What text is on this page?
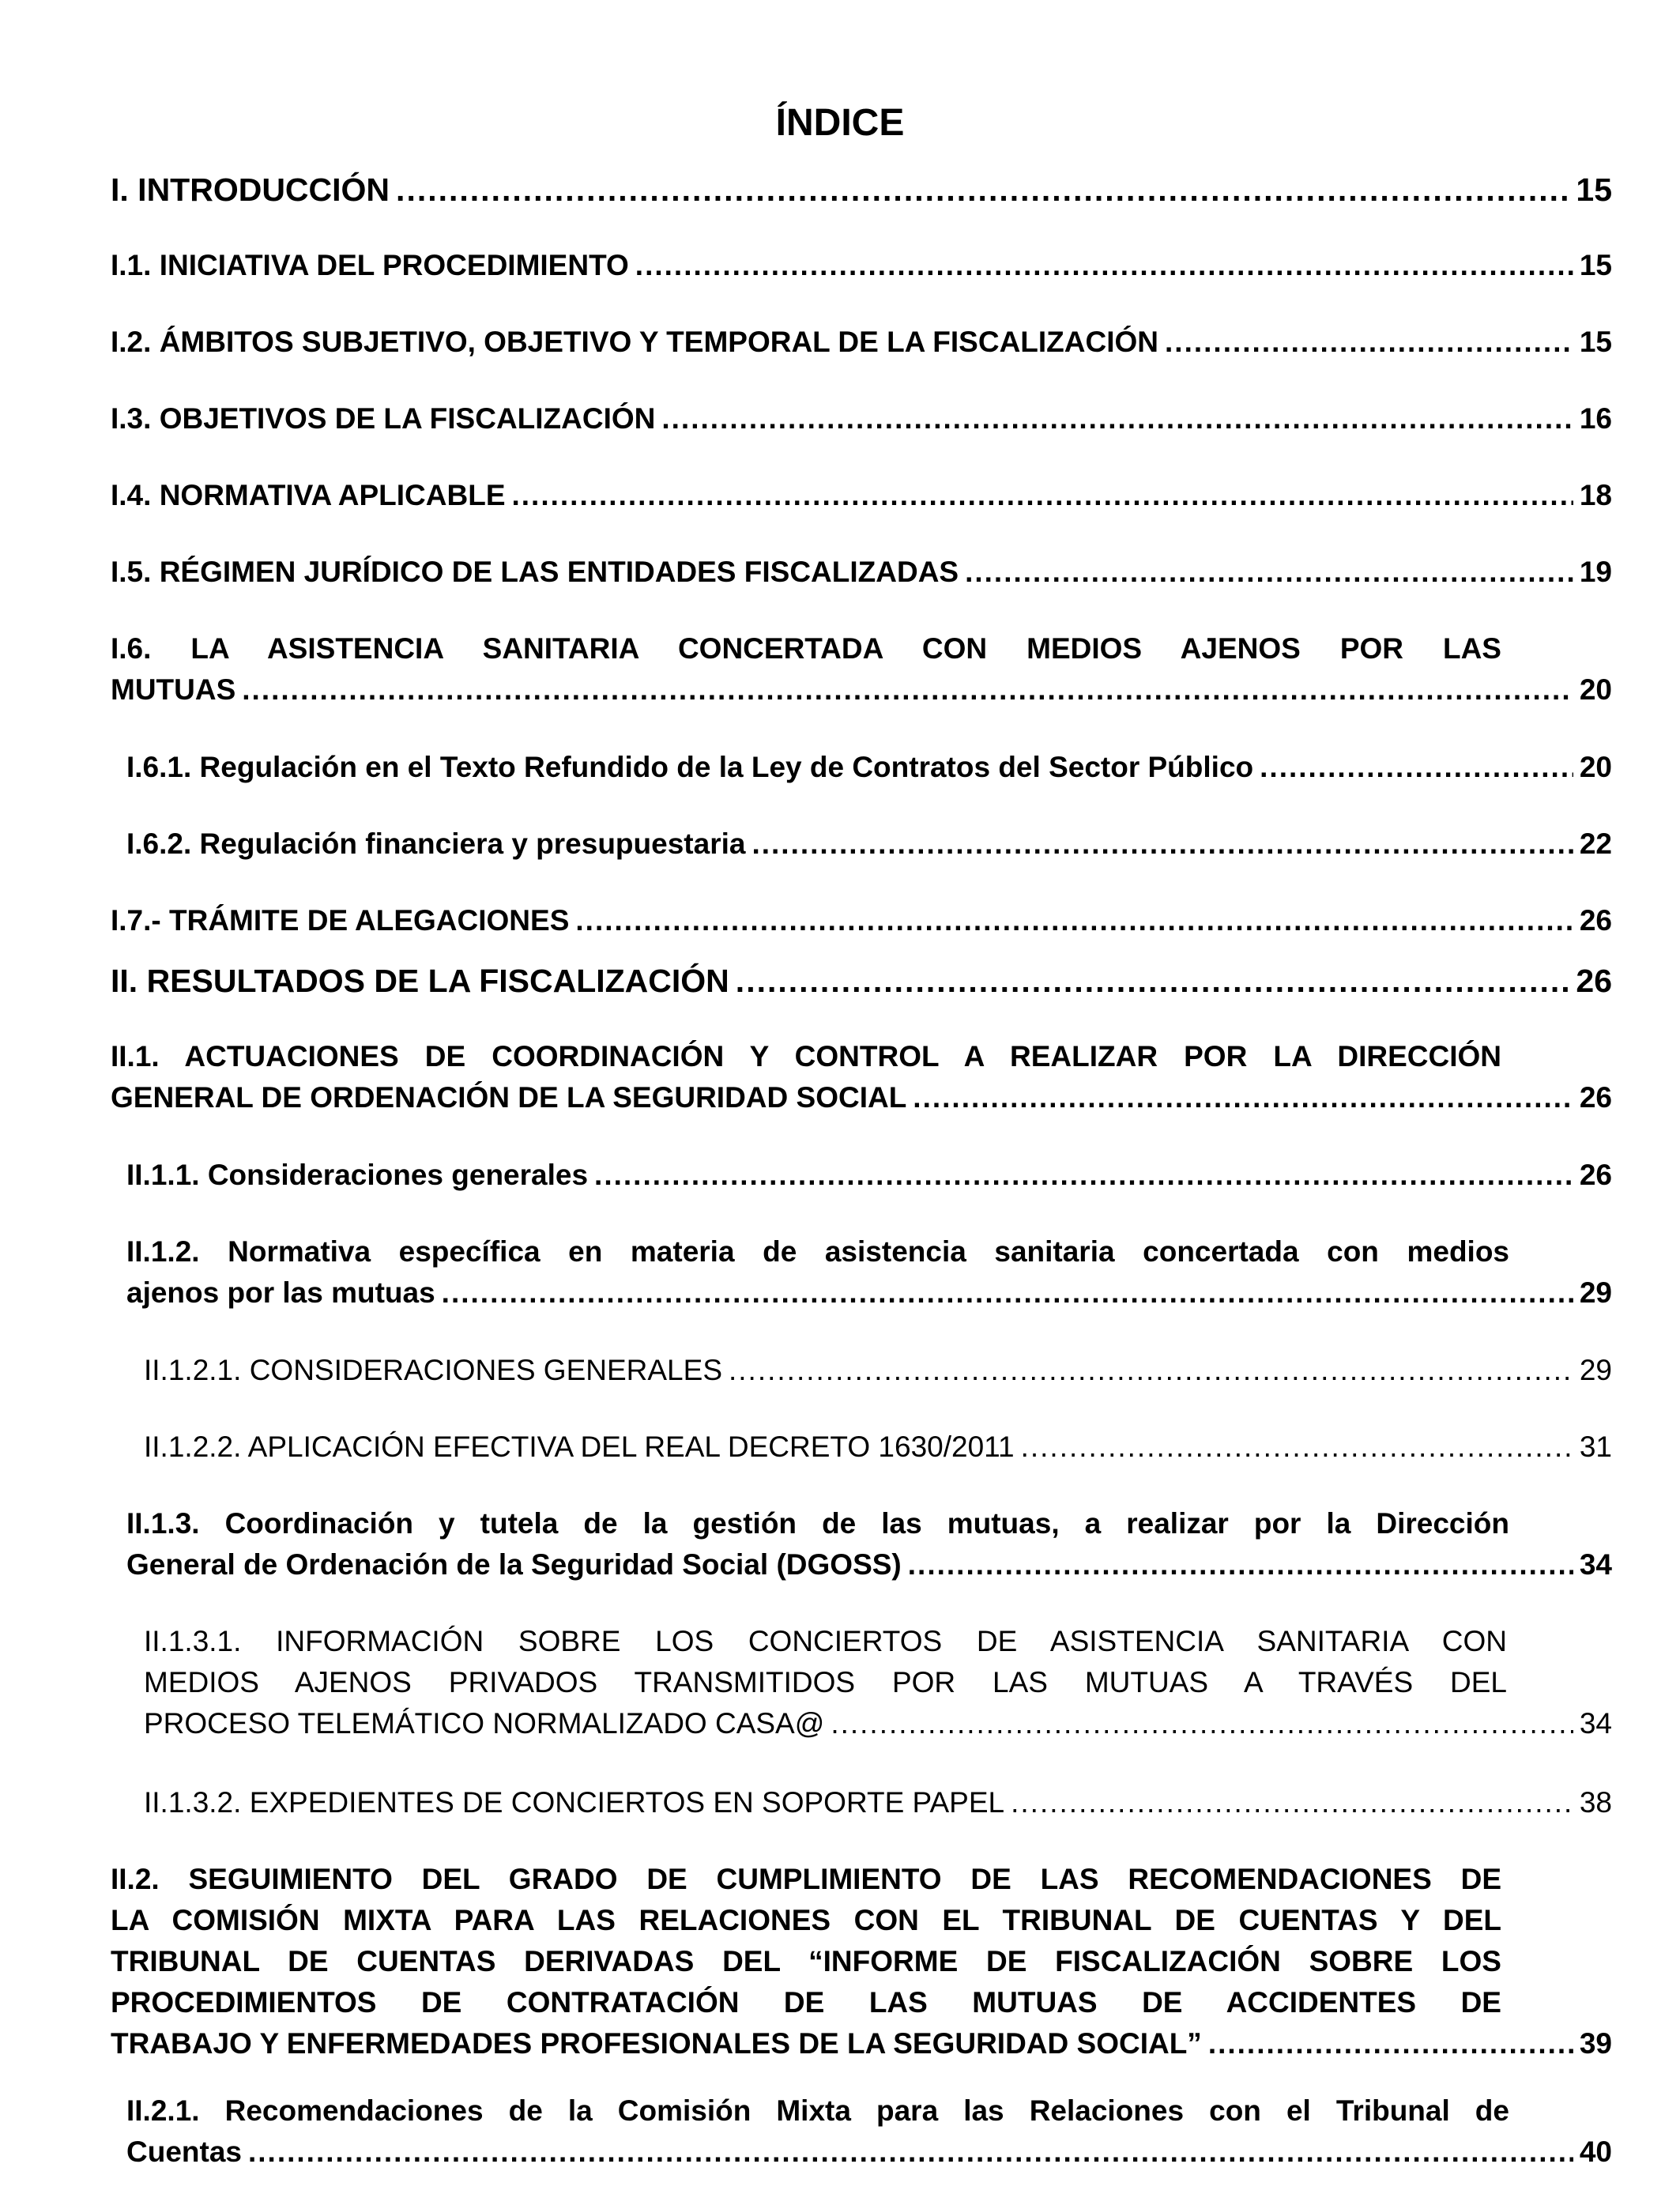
ÍNDICE
I. INTRODUCCIÓN .....	15
I.1. INICIATIVA DEL PROCEDIMIENTO .....	15
I.2. ÁMBITOS SUBJETIVO, OBJETIVO Y TEMPORAL DE LA FISCALIZACIÓN .....	15
I.3. OBJETIVOS DE LA FISCALIZACIÓN .....	16
I.4. NORMATIVA APLICABLE .....	18
I.5. RÉGIMEN JURÍDICO DE LAS ENTIDADES FISCALIZADAS .....	19
I.6. LA ASISTENCIA SANITARIA CONCERTADA CON MEDIOS AJENOS POR LAS
MUTUAS .....	20
I.6.1. Regulación en el Texto Refundido de la Ley de Contratos del Sector Público .....	20
I.6.2. Regulación financiera y presupuestaria .....	22
I.7.- TRÁMITE DE ALEGACIONES .....	26
II. RESULTADOS DE LA FISCALIZACIÓN .....	26
II.1. ACTUACIONES DE COORDINACIÓN Y CONTROL A REALIZAR POR LA DIRECCIÓN
GENERAL DE ORDENACIÓN DE LA SEGURIDAD SOCIAL .....	26
II.1.1. Consideraciones generales .....	26
II.1.2. Normativa específica en materia de asistencia sanitaria concertada con medios
ajenos por las mutuas .....	29
II.1.2.1. CONSIDERACIONES GENERALES .....	29
II.1.2.2. APLICACIÓN EFECTIVA DEL REAL DECRETO 1630/2011 .....	31
II.1.3. Coordinación y tutela de la gestión de las mutuas, a realizar por la Dirección
General de Ordenación de la Seguridad Social (DGOSS) .....	34
II.1.3.1. INFORMACIÓN SOBRE LOS CONCIERTOS DE ASISTENCIA SANITARIA CON
MEDIOS AJENOS PRIVADOS TRANSMITIDOS POR LAS MUTUAS A TRAVÉS DEL
PROCESO TELEMÁTICO NORMALIZADO CASA@ .....	34
II.1.3.2. EXPEDIENTES DE CONCIERTOS EN SOPORTE PAPEL .....	38
II.2. SEGUIMIENTO DEL GRADO DE CUMPLIMIENTO DE LAS RECOMENDACIONES DE
LA COMISIÓN MIXTA PARA LAS RELACIONES CON EL TRIBUNAL DE CUENTAS Y DEL
TRIBUNAL DE CUENTAS DERIVADAS DEL “INFORME DE FISCALIZACIÓN SOBRE LOS
PROCEDIMIENTOS DE CONTRATACIÓN DE LAS MUTUAS DE ACCIDENTES DE
TRABAJO Y ENFERMEDADES PROFESIONALES DE LA SEGURIDAD SOCIAL” .....	39
II.2.1. Recomendaciones de la Comisión Mixta para las Relaciones con el Tribunal de
Cuentas .....	40
